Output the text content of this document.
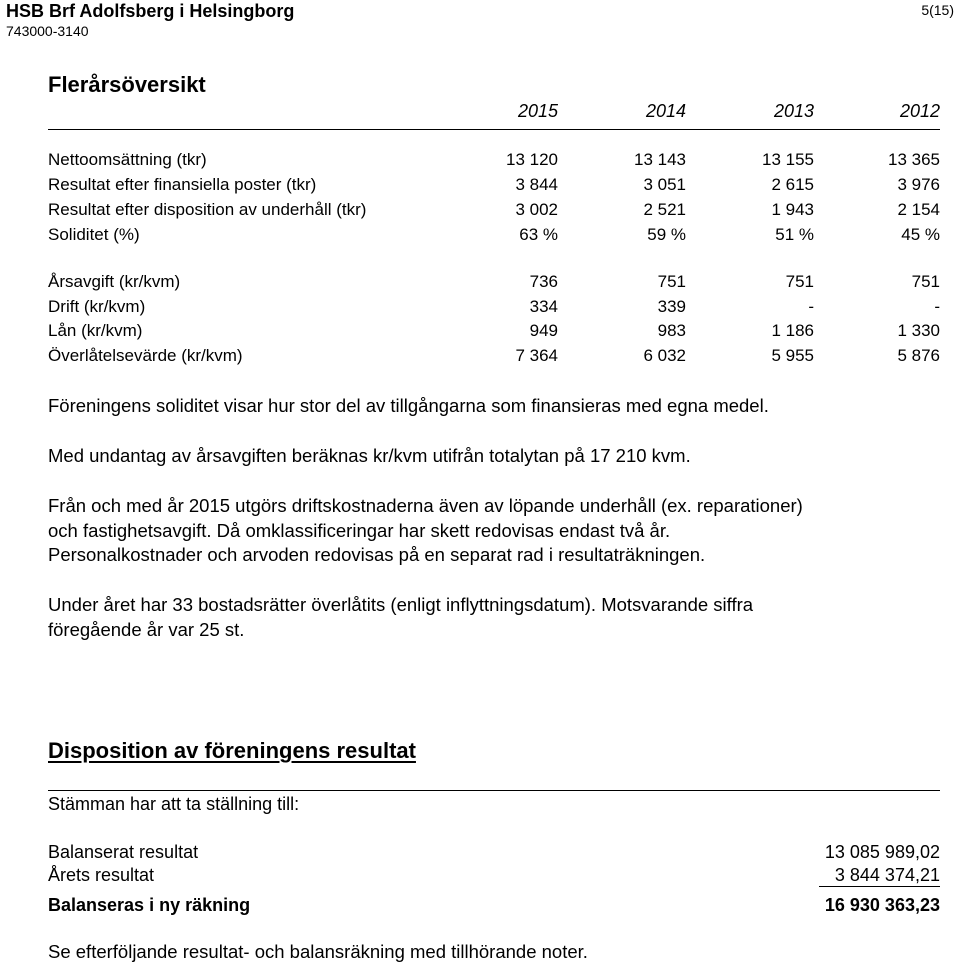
HSB Brf Adolfsberg i Helsingborg
743000-3140
5(15)
Flerårsöversikt
2015	2014	2013	2012
Nettoomsättning (tkr)	13 120	13 143	13 155	13 365
Resultat efter finansiella poster (tkr)	3 844	3 051	2 615	3 976
Resultat efter disposition av underhåll (tkr)	3 002	2 521	1 943	2 154
Soliditet (%)	63 %	59 %	51 %	45 %
Årsavgift (kr/kvm)	736	751	751	751
Drift (kr/kvm)	334	339	-	-
Lån (kr/kvm)	949	983	1 186	1 330
Överlåtelsevärde (kr/kvm)	7 364	6 032	5 955	5 876
Föreningens soliditet visar hur stor del av tillgångarna som finansieras med egna medel.
Med undantag av årsavgiften beräknas kr/kvm utifrån totalytan på 17 210 kvm.
Från och med år 2015 utgörs driftskostnaderna även av löpande underhåll (ex. reparationer)
och fastighetsavgift. Då omklassificeringar har skett redovisas endast två år.
Personalkostnader och arvoden redovisas på en separat rad i resultaträkningen.
Under året har 33 bostadsrätter överlåtits (enligt inflyttningsdatum). Motsvarande siffra
föregående år var 25 st.
Disposition av föreningens resultat
Stämman har att ta ställning till:
Balanserat resultat	13 085 989,02
Årets resultat	3 844 374,21
Balanseras i ny räkning	16 930 363,23
Se efterföljande resultat- och balansräkning med tillhörande noter.
